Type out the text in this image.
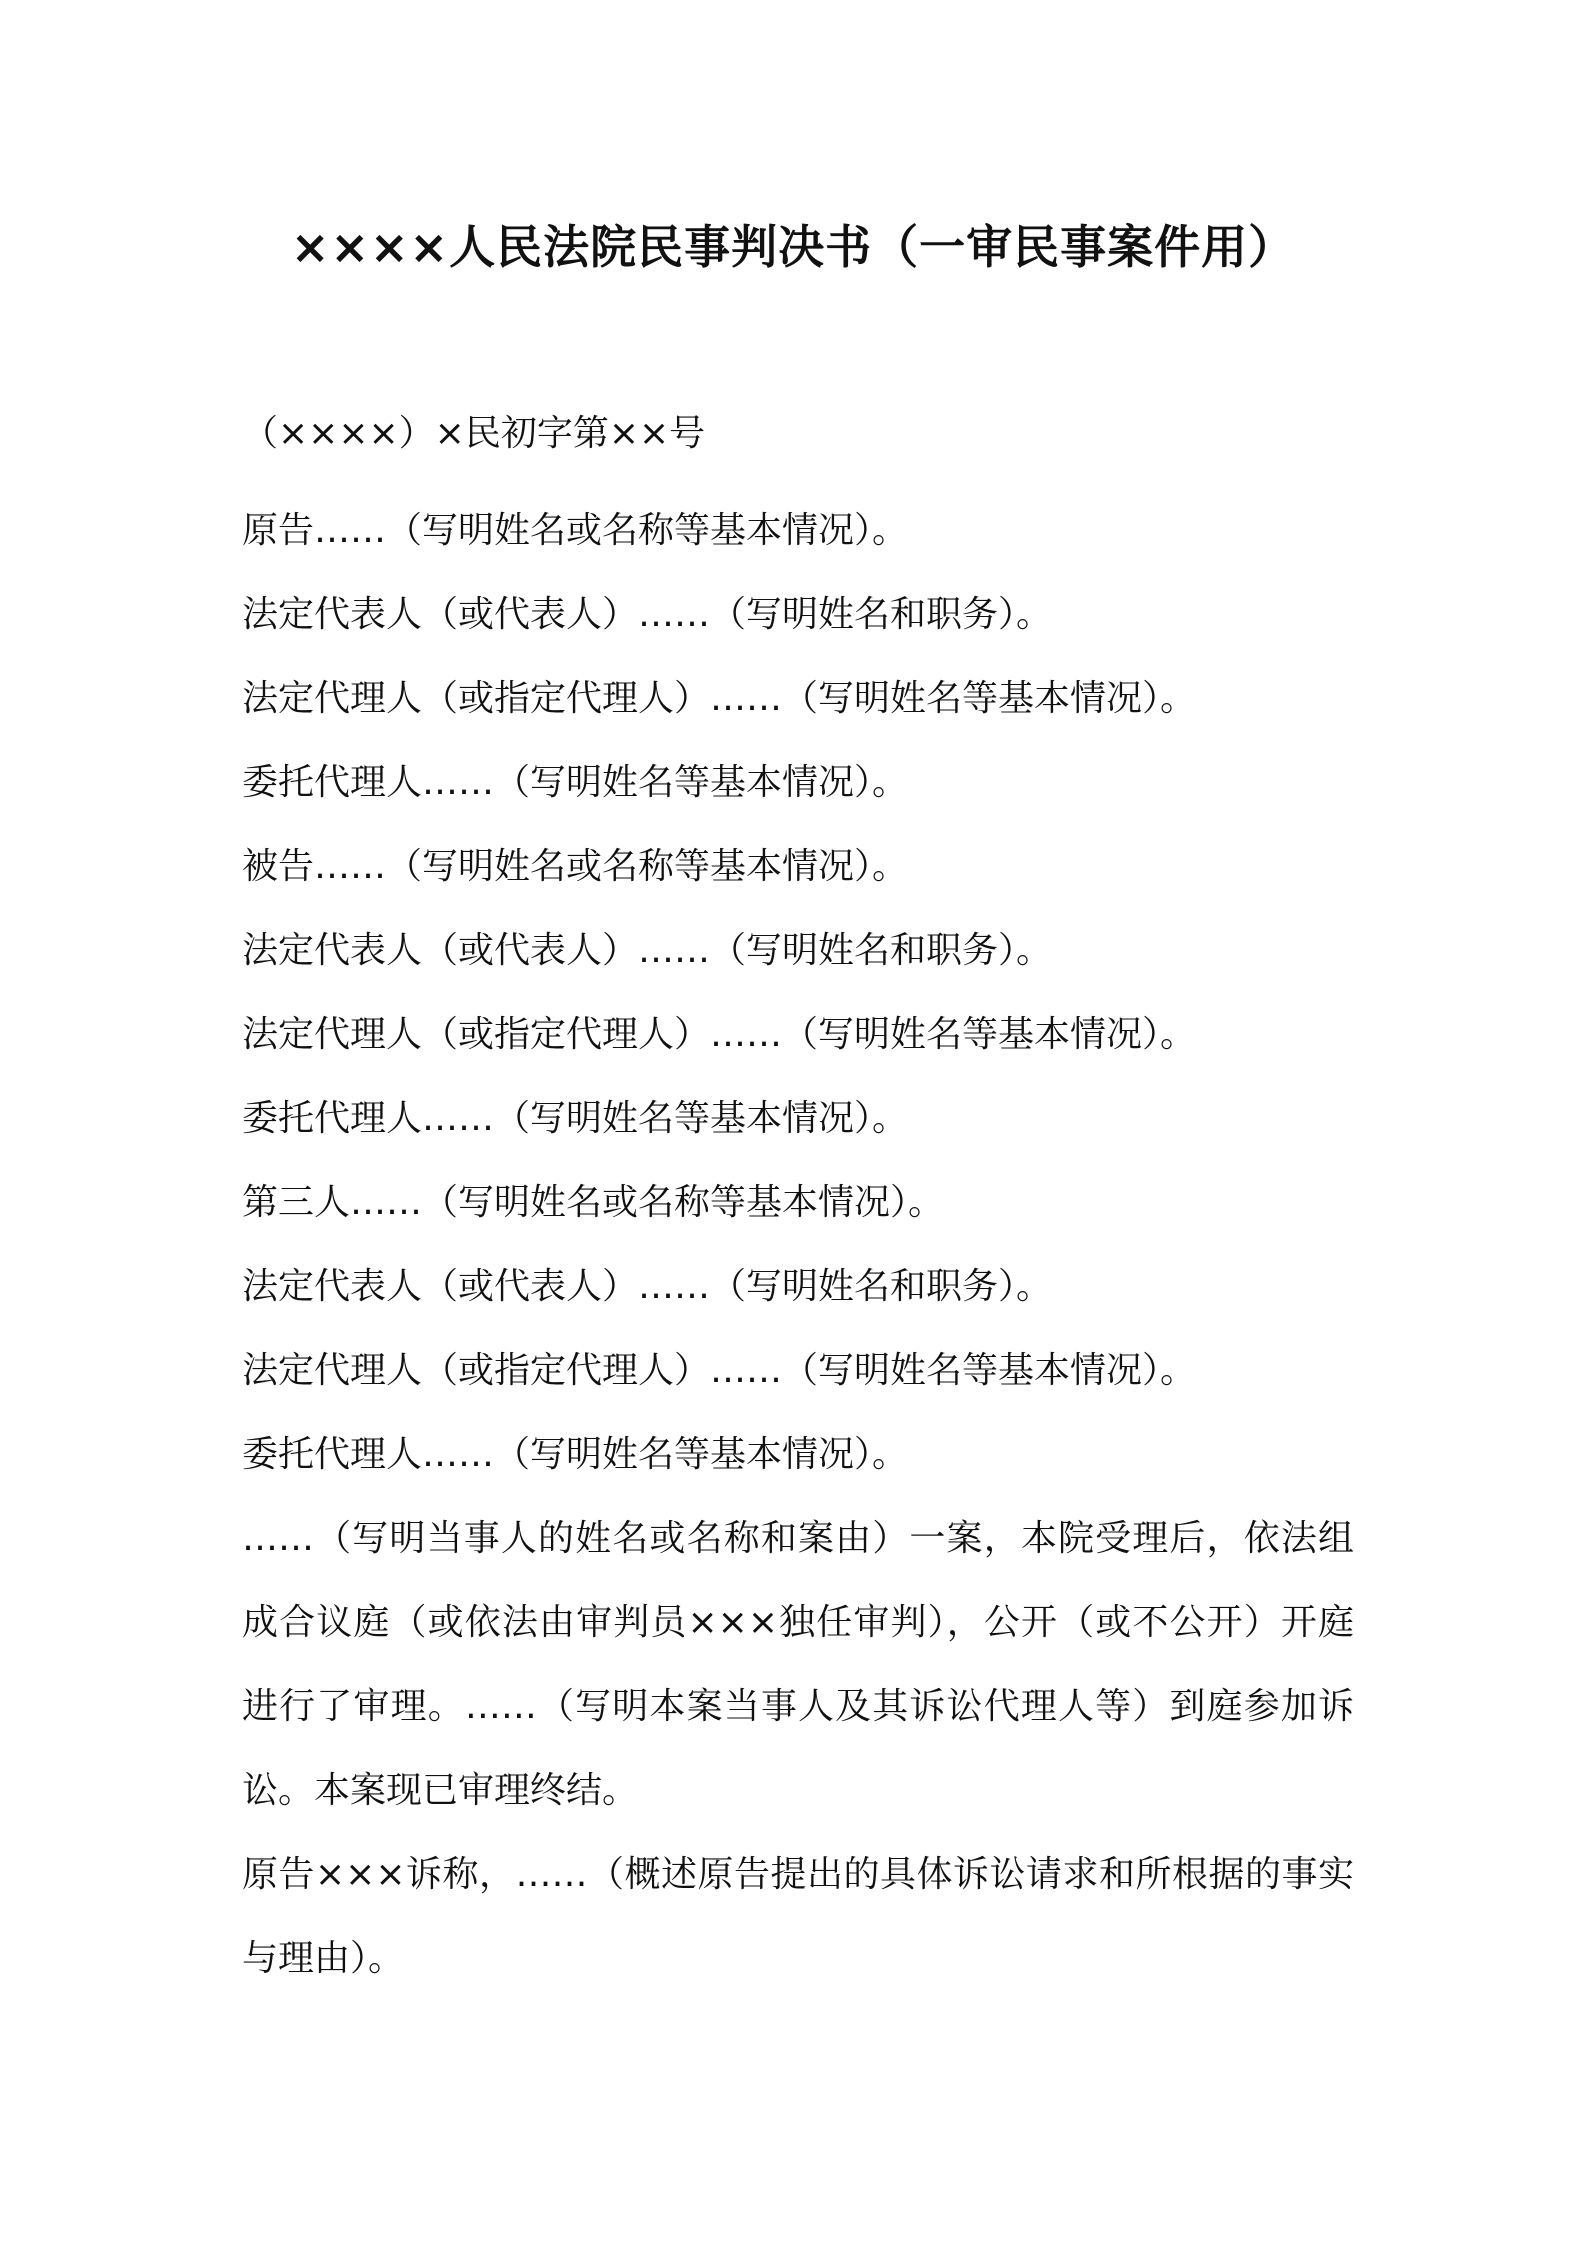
××××人民法院民事判决书（一审民事案件用）
（××××）×民初字第××号

原告……（写明姓名或名称等基本情况）。

法定代表人（或代表人）……（写明姓名和职务）。

法定代理人（或指定代理人）……（写明姓名等基本情况）。

委托代理人……（写明姓名等基本情况）。

被告……（写明姓名或名称等基本情况）。

法定代表人（或代表人）……（写明姓名和职务）。

法定代理人（或指定代理人）……（写明姓名等基本情况）。

委托代理人……（写明姓名等基本情况）。

第三人……（写明姓名或名称等基本情况）。

法定代表人（或代表人）……（写明姓名和职务）。

法定代理人（或指定代理人）……（写明姓名等基本情况）。

委托代理人……（写明姓名等基本情况）。

……（写明当事人的姓名或名称和案由）一案，本院受理后，依法组成合议庭（或依法由审判员×××独任审判），公开（或不公开）开庭进行了审理。……（写明本案当事人及其诉讼代理人等）到庭参加诉讼。本案现已审理终结。

原告×××诉称，……（概述原告提出的具体诉讼请求和所根据的事实与理由）。
